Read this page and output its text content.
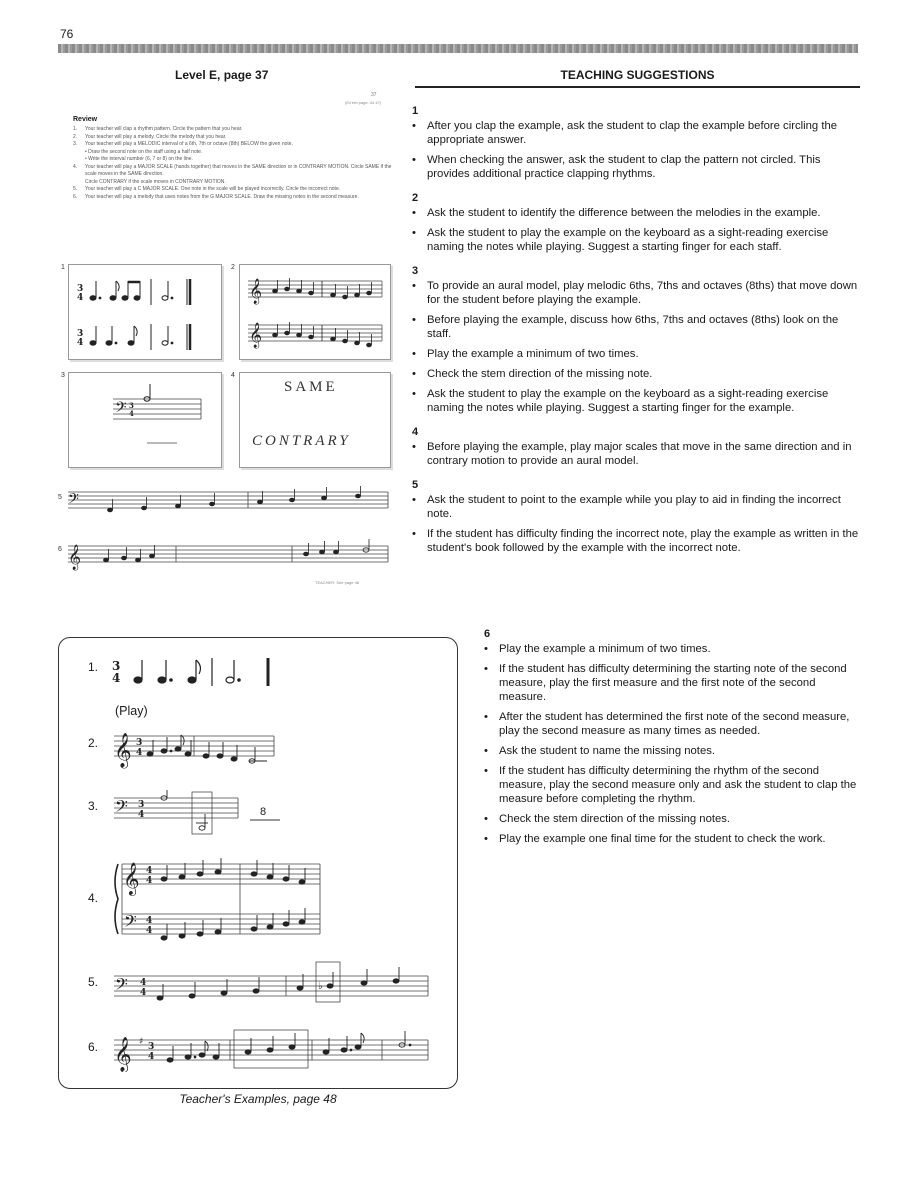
76
Level E, page 37	TEACHING SUGGESTIONS
37
(Ex'erb page: 44 47)
Review
1.	Your teacher will clap a rhythm pattern. Circle the pattern that you hear.
2.	Your teacher will play a melody. Circle the melody that you hear.
3.	Your teacher will play a MELODIC interval of a 6th, 7th or octave (8th) BELOW the given note.
• Draw the second note on the staff using a half note.
• Write the interval number (6, 7 or 8) on the line.
4.	Your teacher will play a MAJOR SCALE (hands together) that moves in the SAME direction or in CONTRARY MOTION. Circle SAME if the scale moves in the SAME direction.
Circle CONTRARY if the scale moves in CONTRARY MOTION.
5.	Your teacher will play a C MAJOR SCALE. One note in the scale will be played incorrectly. Circle the incorrect note.
6.	Your teacher will play a melody that uses notes from the G MAJOR SCALE. Draw the missing notes in the second measure.
1	2
3	4
5
6
3
4
3
4
𝄞
𝄞
𝄢 3
4
SAME
CONTRARY
𝄢
𝄞
TEACHER: See page 48
1
• After you clap the example, ask the student to clap the example before circling the appropriate answer.
• When checking the answer, ask the student to clap the pattern not circled. This provides additional practice clapping rhythms.
2
• Ask the student to identify the difference between the melodies in the example.
• Ask the student to play the example on the keyboard as a sight-reading exercise naming the notes while playing. Suggest a starting finger for each staff.
3
• To provide an aural model, play melodic 6ths, 7ths and octaves (8ths) that move down for the student before playing the example.
• Before playing the example, discuss how 6ths, 7ths and octaves (8ths) look on the staff.
• Play the example a minimum of two times.
• Check the stem direction of the missing note.
• Ask the student to play the example on the keyboard as a sight-reading exercise naming the notes while playing. Suggest a starting finger for the example.
4
• Before playing the example, play major scales that move in the same direction and in contrary motion to provide an aural model.
5
• Ask the student to point to the example while you play to aid in finding the incorrect note.
• If the student has difficulty finding the incorrect note, play the example as written in the student's book followed by the example with the incorrect note.
6
• Play the example a minimum of two times.
• If the student has difficulty determining the starting note of the second measure, play the first measure and the first note of the second measure.
• After the student has determined the first note of the second measure, play the second measure as many times as needed.
• Ask the student to name the missing notes.
• If the student has difficulty determining the rhythm of the second measure, play the second measure only and ask the student to clap the measure before completing the rhythm.
• Check the stem direction of the missing notes.
• Play the example one final time for the student to check the work.
1. 3
4
(Play)
2. 𝄞 3
4
3. 𝄢 3
4	8
4.
𝄞
𝄢
4
4
4
4
5. 𝄢 4
4
♭
6. 𝄞 ♯ 3
4
Teacher's Examples, page 48
